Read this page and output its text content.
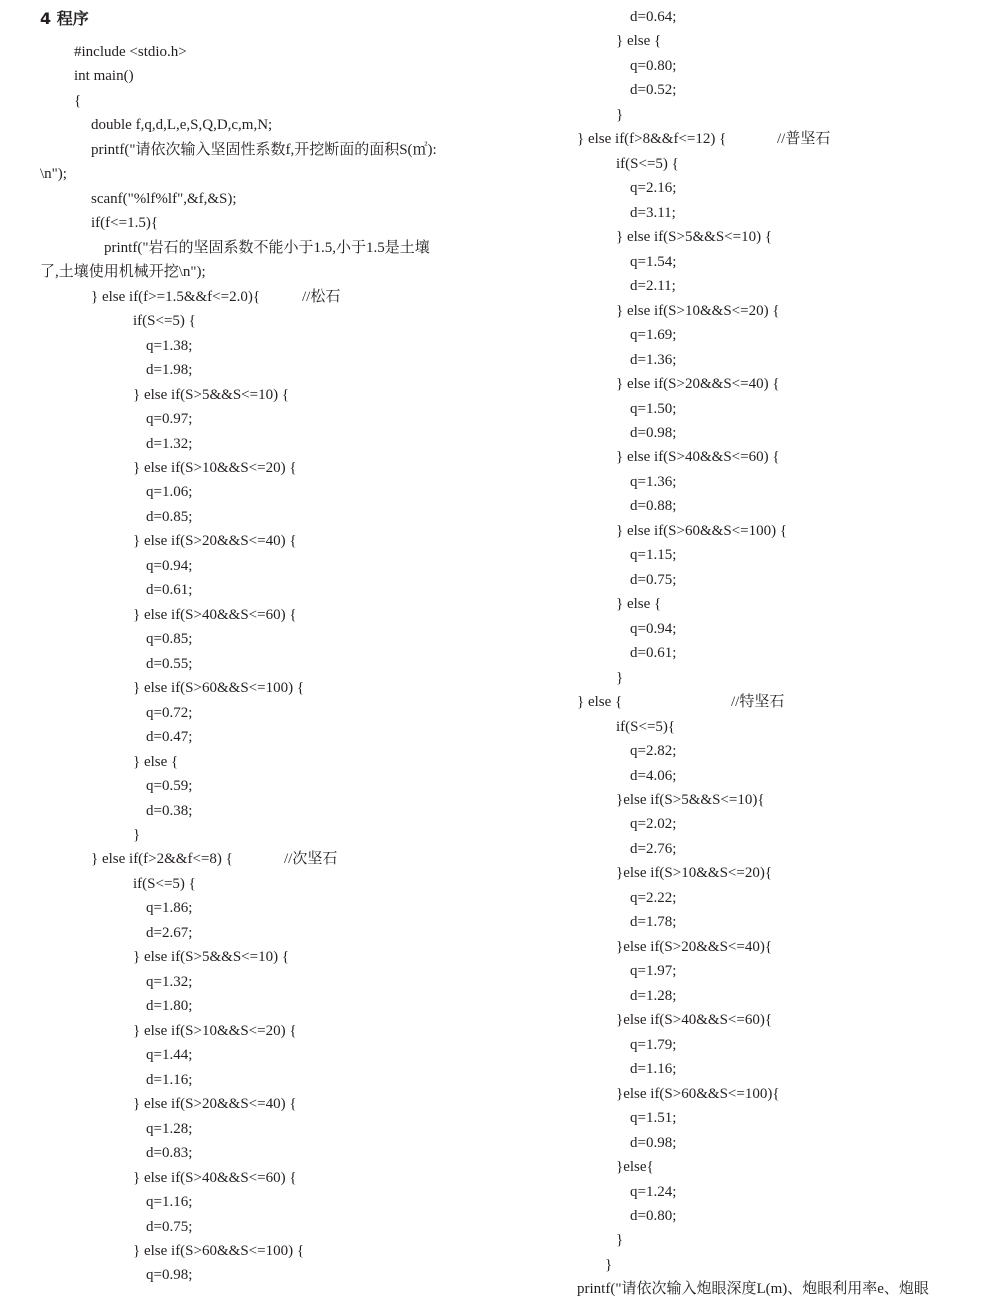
4 程序
#include <stdio.h>
int main()
{
double f,q,d,L,e,S,Q,D,c,m,N;
printf("请依次输入坚固性系数f,开挖断面的面积S(㎡):
\n");
scanf("%lf%lf",&f,&S);
if(f<=1.5){
printf("岩石的坚固系数不能小于1.5,小于1.5是土壤
了,土壤使用机械开挖\n");
} else if(f>=1.5&&f<=2.0){	//松石
if(S<=5) {
q=1.38;
d=1.98;
} else if(S>5&&S<=10) {
q=0.97;
d=1.32;
} else if(S>10&&S<=20) {
q=1.06;
d=0.85;
} else if(S>20&&S<=40) {
q=0.94;
d=0.61;
} else if(S>40&&S<=60) {
q=0.85;
d=0.55;
} else if(S>60&&S<=100) {
q=0.72;
d=0.47;
} else {
q=0.59;
d=0.38;
}
} else if(f>2&&f<=8) {	//次坚石
if(S<=5) {
q=1.86;
d=2.67;
} else if(S>5&&S<=10) {
q=1.32;
d=1.80;
} else if(S>10&&S<=20) {
q=1.44;
d=1.16;
} else if(S>20&&S<=40) {
q=1.28;
d=0.83;
} else if(S>40&&S<=60) {
q=1.16;
d=0.75;
} else if(S>60&&S<=100) {
q=0.98;
d=0.64;
} else {
q=0.80;
d=0.52;
}
} else if(f>8&&f<=12) {	//普坚石
if(S<=5) {
q=2.16;
d=3.11;
} else if(S>5&&S<=10) {
q=1.54;
d=2.11;
} else if(S>10&&S<=20) {
q=1.69;
d=1.36;
} else if(S>20&&S<=40) {
q=1.50;
d=0.98;
} else if(S>40&&S<=60) {
q=1.36;
d=0.88;
} else if(S>60&&S<=100) {
q=1.15;
d=0.75;
} else {
q=0.94;
d=0.61;
}
} else {	//特坚石
if(S<=5){
q=2.82;
d=4.06;
}else if(S>5&&S<=10){
q=2.02;
d=2.76;
}else if(S>10&&S<=20){
q=2.22;
d=1.78;
}else if(S>20&&S<=40){
q=1.97;
d=1.28;
}else if(S>40&&S<=60){
q=1.79;
d=1.16;
}else if(S>60&&S<=100){
q=1.51;
d=0.98;
}else{
q=1.24;
d=0.80;
}
}
printf("请依次输入炮眼深度L(m)、炮眼利用率e、炮眼
